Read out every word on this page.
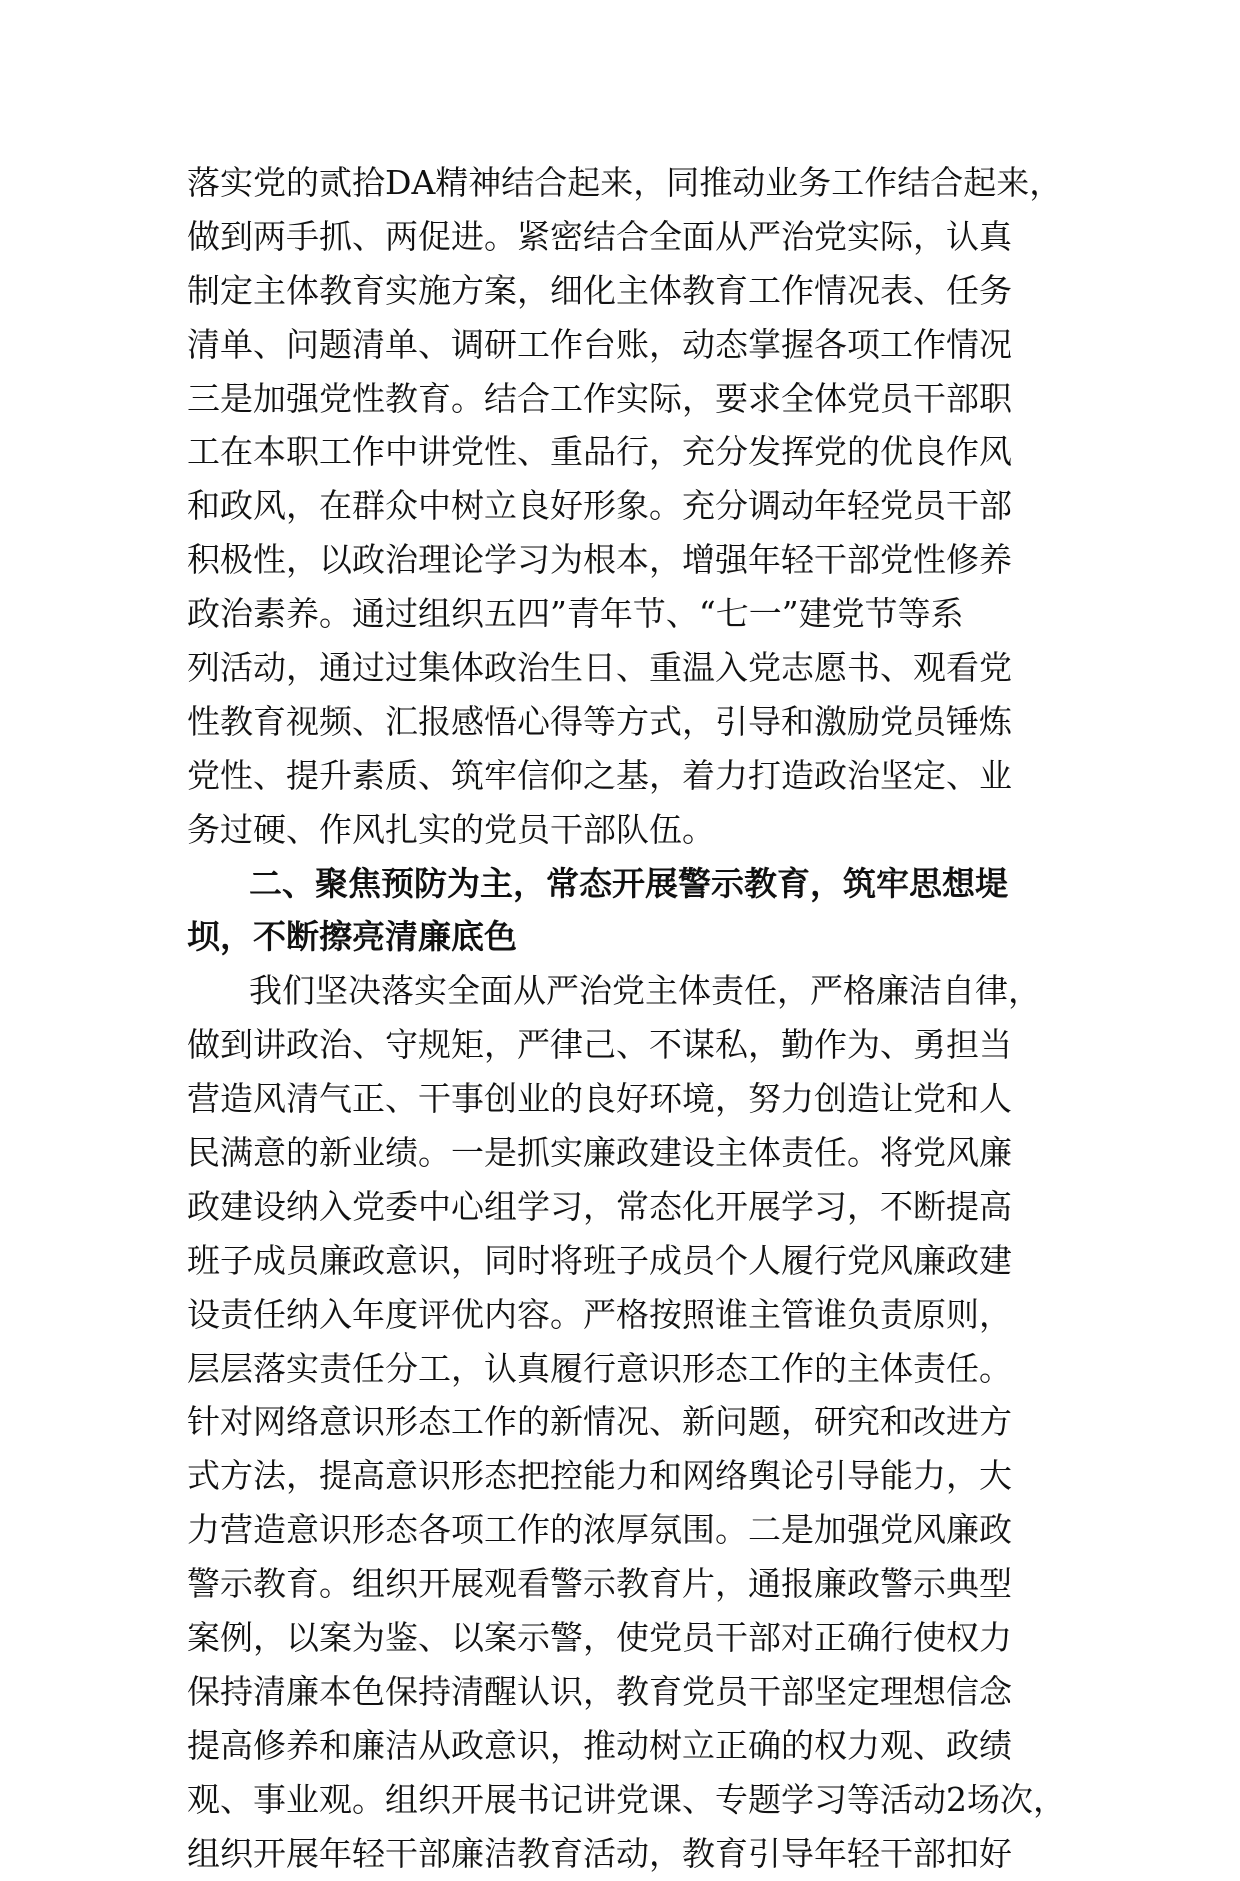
落实党的贰拾DA精神结合起来，同推动业务工作结合起来，
做到两手抓、两促进。紧密结合全面从严治党实际，认真
制定主体教育实施方案，细化主体教育工作情况表、任务
清单、问题清单、调研工作台账，动态掌握各项工作情况
三是加强党性教育。结合工作实际，要求全体党员干部职
工在本职工作中讲党性、重品行，充分发挥党的优良作风
和政风，在群众中树立良好形象。充分调动年轻党员干部
积极性，以政治理论学习为根本，增强年轻干部党性修养
政治素养。通过组织五四”青年节、“七一”建党节等系
列活动，通过过集体政治生日、重温入党志愿书、观看党
性教育视频、汇报感悟心得等方式，引导和激励党员锤炼
党性、提升素质、筑牢信仰之基，着力打造政治坚定、业
务过硬、作风扎实的党员干部队伍。
二、聚焦预防为主，常态开展警示教育，筑牢思想堤
坝，不断擦亮清廉底色
我们坚决落实全面从严治党主体责任，严格廉洁自律，
做到讲政治、守规矩，严律己、不谋私，勤作为、勇担当
营造风清气正、干事创业的良好环境，努力创造让党和人
民满意的新业绩。一是抓实廉政建设主体责任。将党风廉
政建设纳入党委中心组学习，常态化开展学习，不断提高
班子成员廉政意识，同时将班子成员个人履行党风廉政建
设责任纳入年度评优内容。严格按照谁主管谁负责原则，
层层落实责任分工，认真履行意识形态工作的主体责任。
针对网络意识形态工作的新情况、新问题，研究和改进方
式方法，提高意识形态把控能力和网络舆论引导能力，大
力营造意识形态各项工作的浓厚氛围。二是加强党风廉政
警示教育。组织开展观看警示教育片，通报廉政警示典型
案例，以案为鉴、以案示警，使党员干部对正确行使权力
保持清廉本色保持清醒认识，教育党员干部坚定理想信念
提高修养和廉洁从政意识，推动树立正确的权力观、政绩
观、事业观。组织开展书记讲党课、专题学习等活动2场次，
组织开展年轻干部廉洁教育活动，教育引导年轻干部扣好
